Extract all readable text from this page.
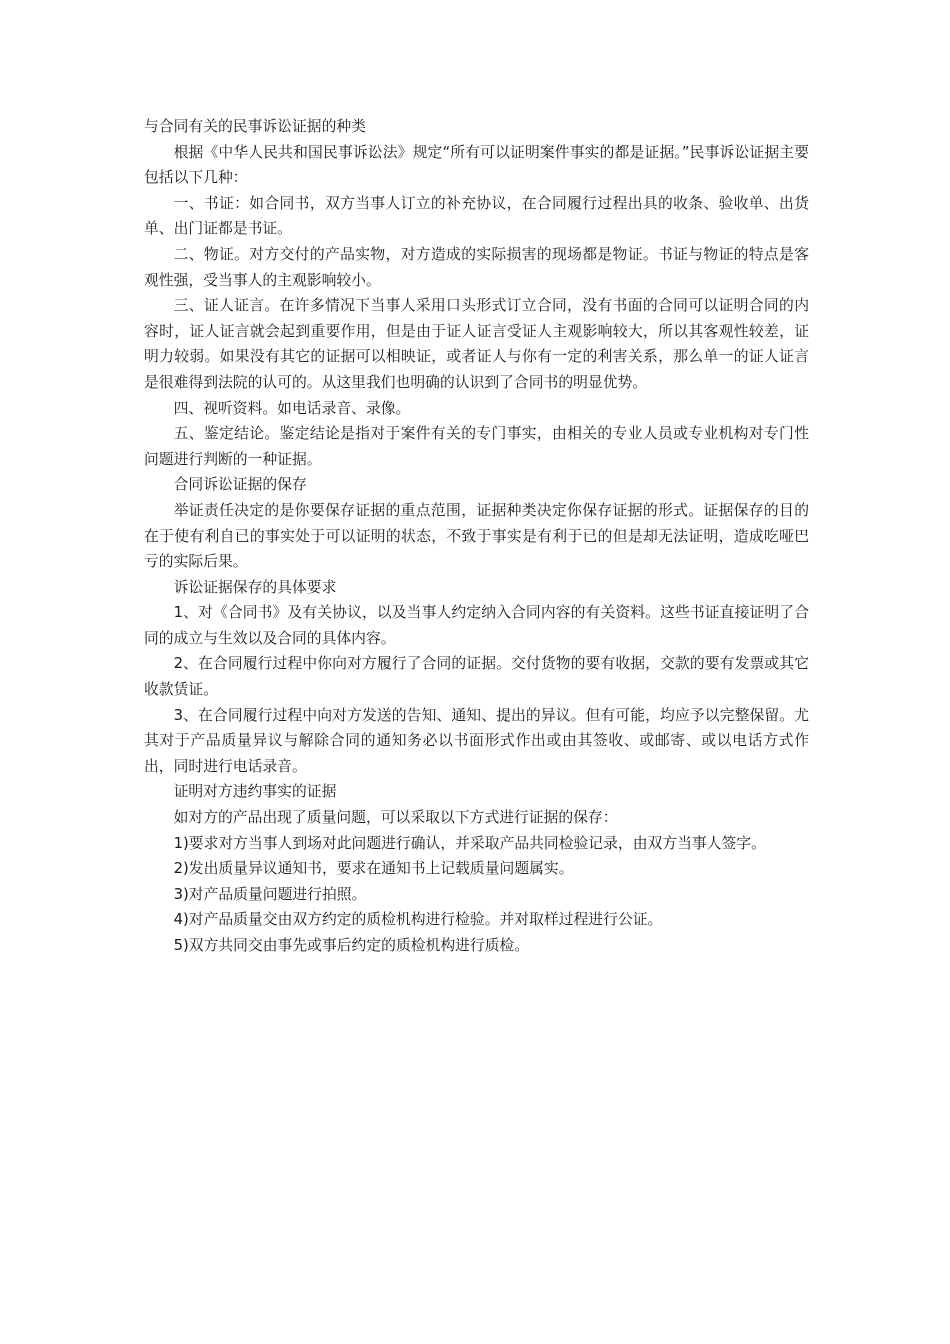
与合同有关的民事诉讼证据的种类

根据《中华人民共和国民事诉讼法》规定“所有可以证明案件事实的都是证据。”民事诉讼证据主要包括以下几种：

一、书证：如合同书，双方当事人订立的补充协议，在合同履行过程出具的收条、验收单、出货单、出门证都是书证。

二、物证。对方交付的产品实物，对方造成的实际损害的现场都是物证。书证与物证的特点是客观性强，受当事人的主观影响较小。

三、证人证言。在许多情况下当事人采用口头形式订立合同，没有书面的合同可以证明合同的内容时，证人证言就会起到重要作用，但是由于证人证言受证人主观影响较大，所以其客观性较差，证明力较弱。如果没有其它的证据可以相映证，或者证人与你有一定的利害关系，那么单一的证人证言是很难得到法院的认可的。从这里我们也明确的认识到了合同书的明显优势。

四、视听资料。如电话录音、录像。

五、鉴定结论。鉴定结论是指对于案件有关的专门事实，由相关的专业人员或专业机构对专门性问题进行判断的一种证据。

合同诉讼证据的保存

举证责任决定的是你要保存证据的重点范围，证据种类决定你保存证据的形式。证据保存的目的在于使有利自已的事实处于可以证明的状态，不致于事实是有利于已的但是却无法证明，造成吃哑巴亏的实际后果。

诉讼证据保存的具体要求

1、对《合同书》及有关协议，以及当事人约定纳入合同内容的有关资料。这些书证直接证明了合同的成立与生效以及合同的具体内容。

2、在合同履行过程中你向对方履行了合同的证据。交付货物的要有收据，交款的要有发票或其它收款赁证。

3、在合同履行过程中向对方发送的告知、通知、提出的异议。但有可能，均应予以完整保留。尤其对于产品质量异议与解除合同的通知务必以书面形式作出或由其签收、或邮寄、或以电话方式作出，同时进行电话录音。

证明对方违约事实的证据

如对方的产品出现了质量问题，可以采取以下方式进行证据的保存：

1)要求对方当事人到场对此问题进行确认，并采取产品共同检验记录，由双方当事人签字。

2)发出质量异议通知书，要求在通知书上记载质量问题属实。

3)对产品质量问题进行拍照。

4)对产品质量交由双方约定的质检机构进行检验。并对取样过程进行公证。

5)双方共同交由事先或事后约定的质检机构进行质检。
